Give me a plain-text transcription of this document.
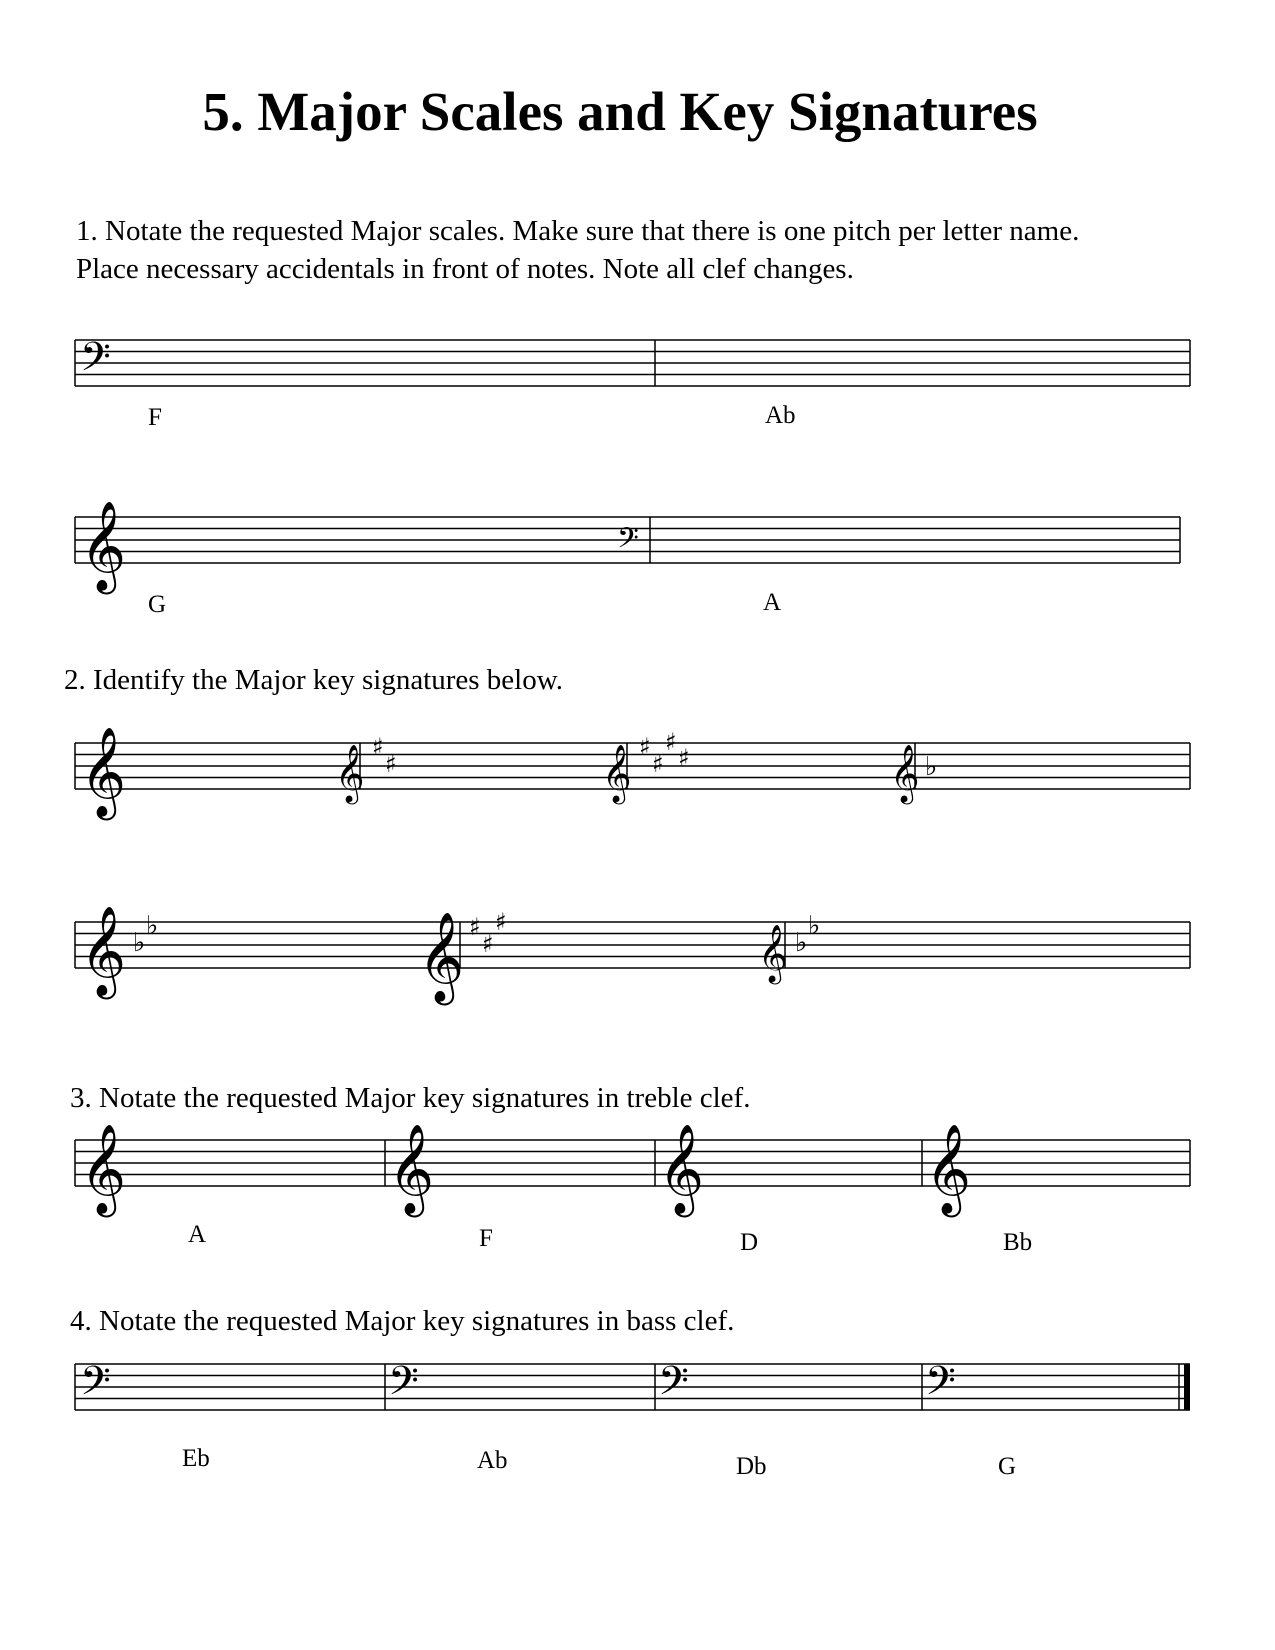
5. Major Scales and Key Signatures
1. Notate the requested Major scales. Make sure that there is one pitch per letter name.
Place necessary accidentals in front of notes. Note all clef changes.
𝄢
F	Ab
𝄞	𝄢
G	A
2. Identify the Major key signatures below.
𝄞	𝄞 ♯
♯	𝄞 ♯
♯
♯
♯	𝄞 ♭
𝄞 ♭
♭	𝄞 ♯
♯
♯
𝄞 ♭
♭
3. Notate the requested Major key signatures in treble clef.
𝄞	𝄞	𝄞	𝄞
A	F	D	Bb
4. Notate the requested Major key signatures in bass clef.
𝄢	𝄢	𝄢	𝄢
Eb	Ab	Db	G
